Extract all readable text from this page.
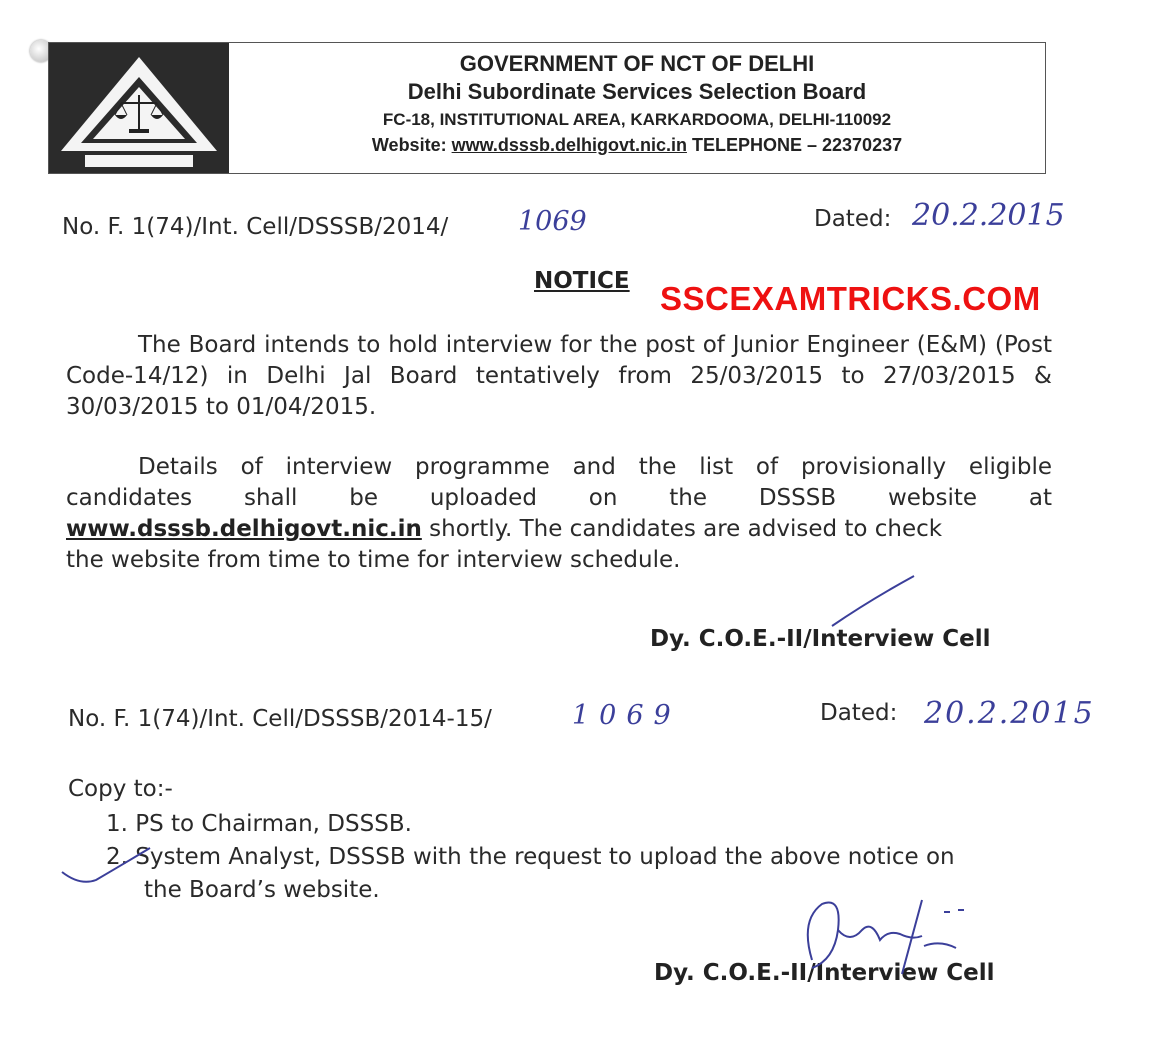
GOVERNMENT OF NCT OF DELHI
Delhi Subordinate Services Selection Board
FC-18, INSTITUTIONAL AREA, KARKARDOOMA, DELHI-110092
Website: www.dsssb.delhigovt.nic.in TELEPHONE – 22370237
No. F. 1(74)/Int. Cell/DSSSB/2014/	1069	Dated: 20.2.2015
NOTICE SSCEXAMTRICKS.COM
The Board intends to hold interview for the post of Junior Engineer (E&M) (Post Code-14/12) in Delhi Jal Board tentatively from 25/03/2015 to 27/03/2015 & 30/03/2015 to 01/04/2015.
Details of interview programme and the list of provisionally eligible
candidates shall be uploaded on the DSSSB website at
www.dsssb.delhigovt.nic.in shortly. The candidates are advised to check
the website from time to time for interview schedule.
Dy. C.O.E.-II/Interview Cell
No. F. 1(74)/Int. Cell/DSSSB/2014-15/	1069	Dated: 20.2.2015
Copy to:-
1. PS to Chairman, DSSSB.
2. System Analyst, DSSSB with the request to upload the above notice on
the Board’s website.
Dy. C.O.E.-II/Interview Cell
